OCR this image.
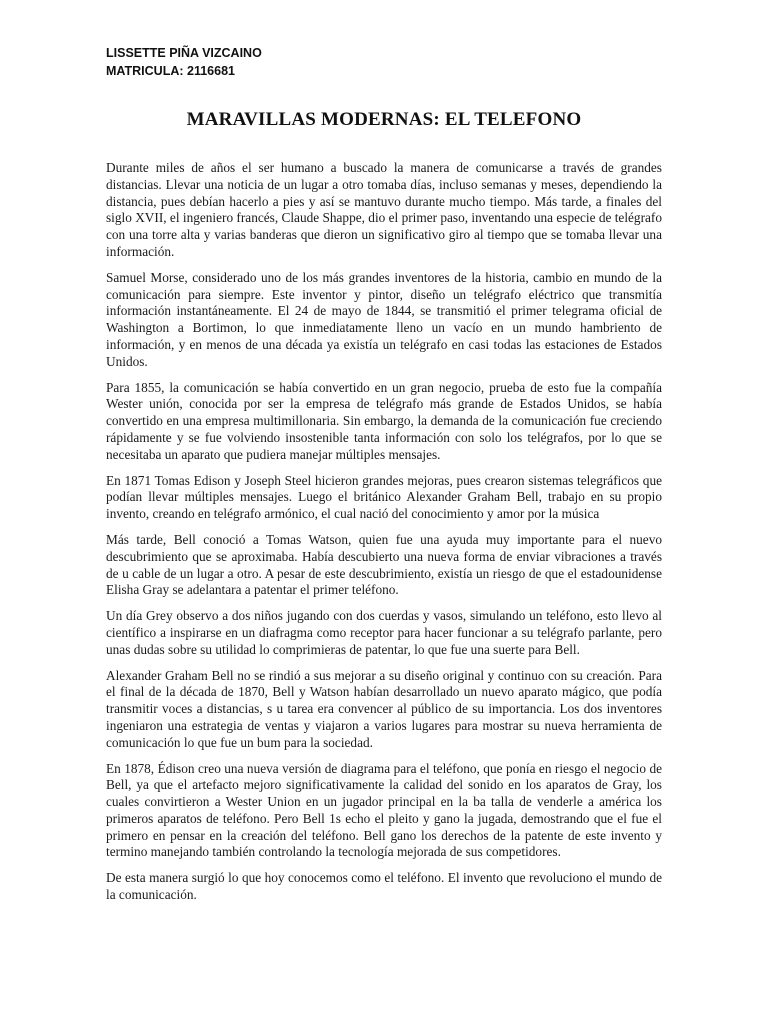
LISSETTE PIÑA VIZCAINO
MATRICULA: 2116681
MARAVILLAS MODERNAS: EL TELEFONO

Durante miles de años el ser humano a buscado la manera de comunicarse a través de grandes distancias. Llevar una noticia de un lugar a otro tomaba días, incluso semanas y meses, dependiendo la distancia, pues debían hacerlo a pies y así se mantuvo durante mucho tiempo. Más tarde, a finales del siglo XVII, el ingeniero francés, Claude Shappe, dio el primer paso, inventando una especie de telégrafo con una torre alta y varias banderas que dieron un significativo giro al tiempo que se tomaba llevar una información.

Samuel Morse, considerado uno de los más grandes inventores de la historia, cambio en mundo de la comunicación para siempre. Este inventor y pintor, diseño un telégrafo eléctrico que transmitía información instantáneamente. El 24 de mayo de 1844, se transmitió el primer telegrama oficial de Washington a Bortimon, lo que inmediatamente lleno un vacío en un mundo hambriento de información, y en menos de una década ya existía un telégrafo en casi todas las estaciones de Estados Unidos.

Para 1855, la comunicación se había convertido en un gran negocio, prueba de esto fue la compañía Wester unión, conocida por ser la empresa de telégrafo más grande de Estados Unidos, se había convertido en una empresa multimillonaria. Sin embargo, la demanda de la comunicación fue creciendo rápidamente y se fue volviendo insostenible tanta información con solo los telégrafos, por lo que se necesitaba un aparato que pudiera manejar múltiples mensajes.

En 1871 Tomas Edison y Joseph Steel hicieron grandes mejoras, pues crearon sistemas telegráficos que podían llevar múltiples mensajes. Luego el británico Alexander Graham Bell, trabajo en su propio invento, creando en telégrafo armónico, el cual nació del conocimiento y amor por la música

Más tarde, Bell conoció a Tomas Watson, quien fue una ayuda muy importante para el nuevo descubrimiento que se aproximaba. Había descubierto una nueva forma de enviar vibraciones a través de u cable de un lugar a otro. A pesar de este descubrimiento, existía un riesgo de que el estadounidense Elisha Gray se adelantara a patentar el primer teléfono.

Un día Grey observo a dos niños jugando con dos cuerdas y vasos, simulando un teléfono, esto llevo al científico a inspirarse en un diafragma como receptor para hacer funcionar a su telégrafo parlante, pero unas dudas sobre su utilidad lo comprimieras de patentar, lo que fue una suerte para Bell.

Alexander Graham Bell no se rindió a sus mejorar a su diseño original y continuo con su creación. Para el final de la década de 1870, Bell y Watson habían desarrollado un nuevo aparato mágico, que podía transmitir voces a distancias, s u tarea era convencer al público de su importancia. Los dos inventores ingeniaron una estrategia de ventas y viajaron a varios lugares para mostrar su nueva herramienta de comunicación lo que fue un bum para la sociedad.

En 1878, Édison creo una nueva versión de diagrama para el teléfono, que ponía en riesgo el negocio de Bell, ya que el artefacto mejoro significativamente la calidad del sonido en los aparatos de Gray, los cuales convirtieron a Wester Union en un jugador principal en la ba talla de venderle a américa los primeros aparatos de teléfono. Pero Bell 1s echo el pleito y gano la jugada, demostrando que el fue el primero en pensar en la creación del teléfono. Bell gano los derechos de la patente de este invento y termino manejando también controlando la tecnología mejorada de sus competidores.

De esta manera surgió lo que hoy conocemos como el teléfono. El invento que revoluciono el mundo de la comunicación.
